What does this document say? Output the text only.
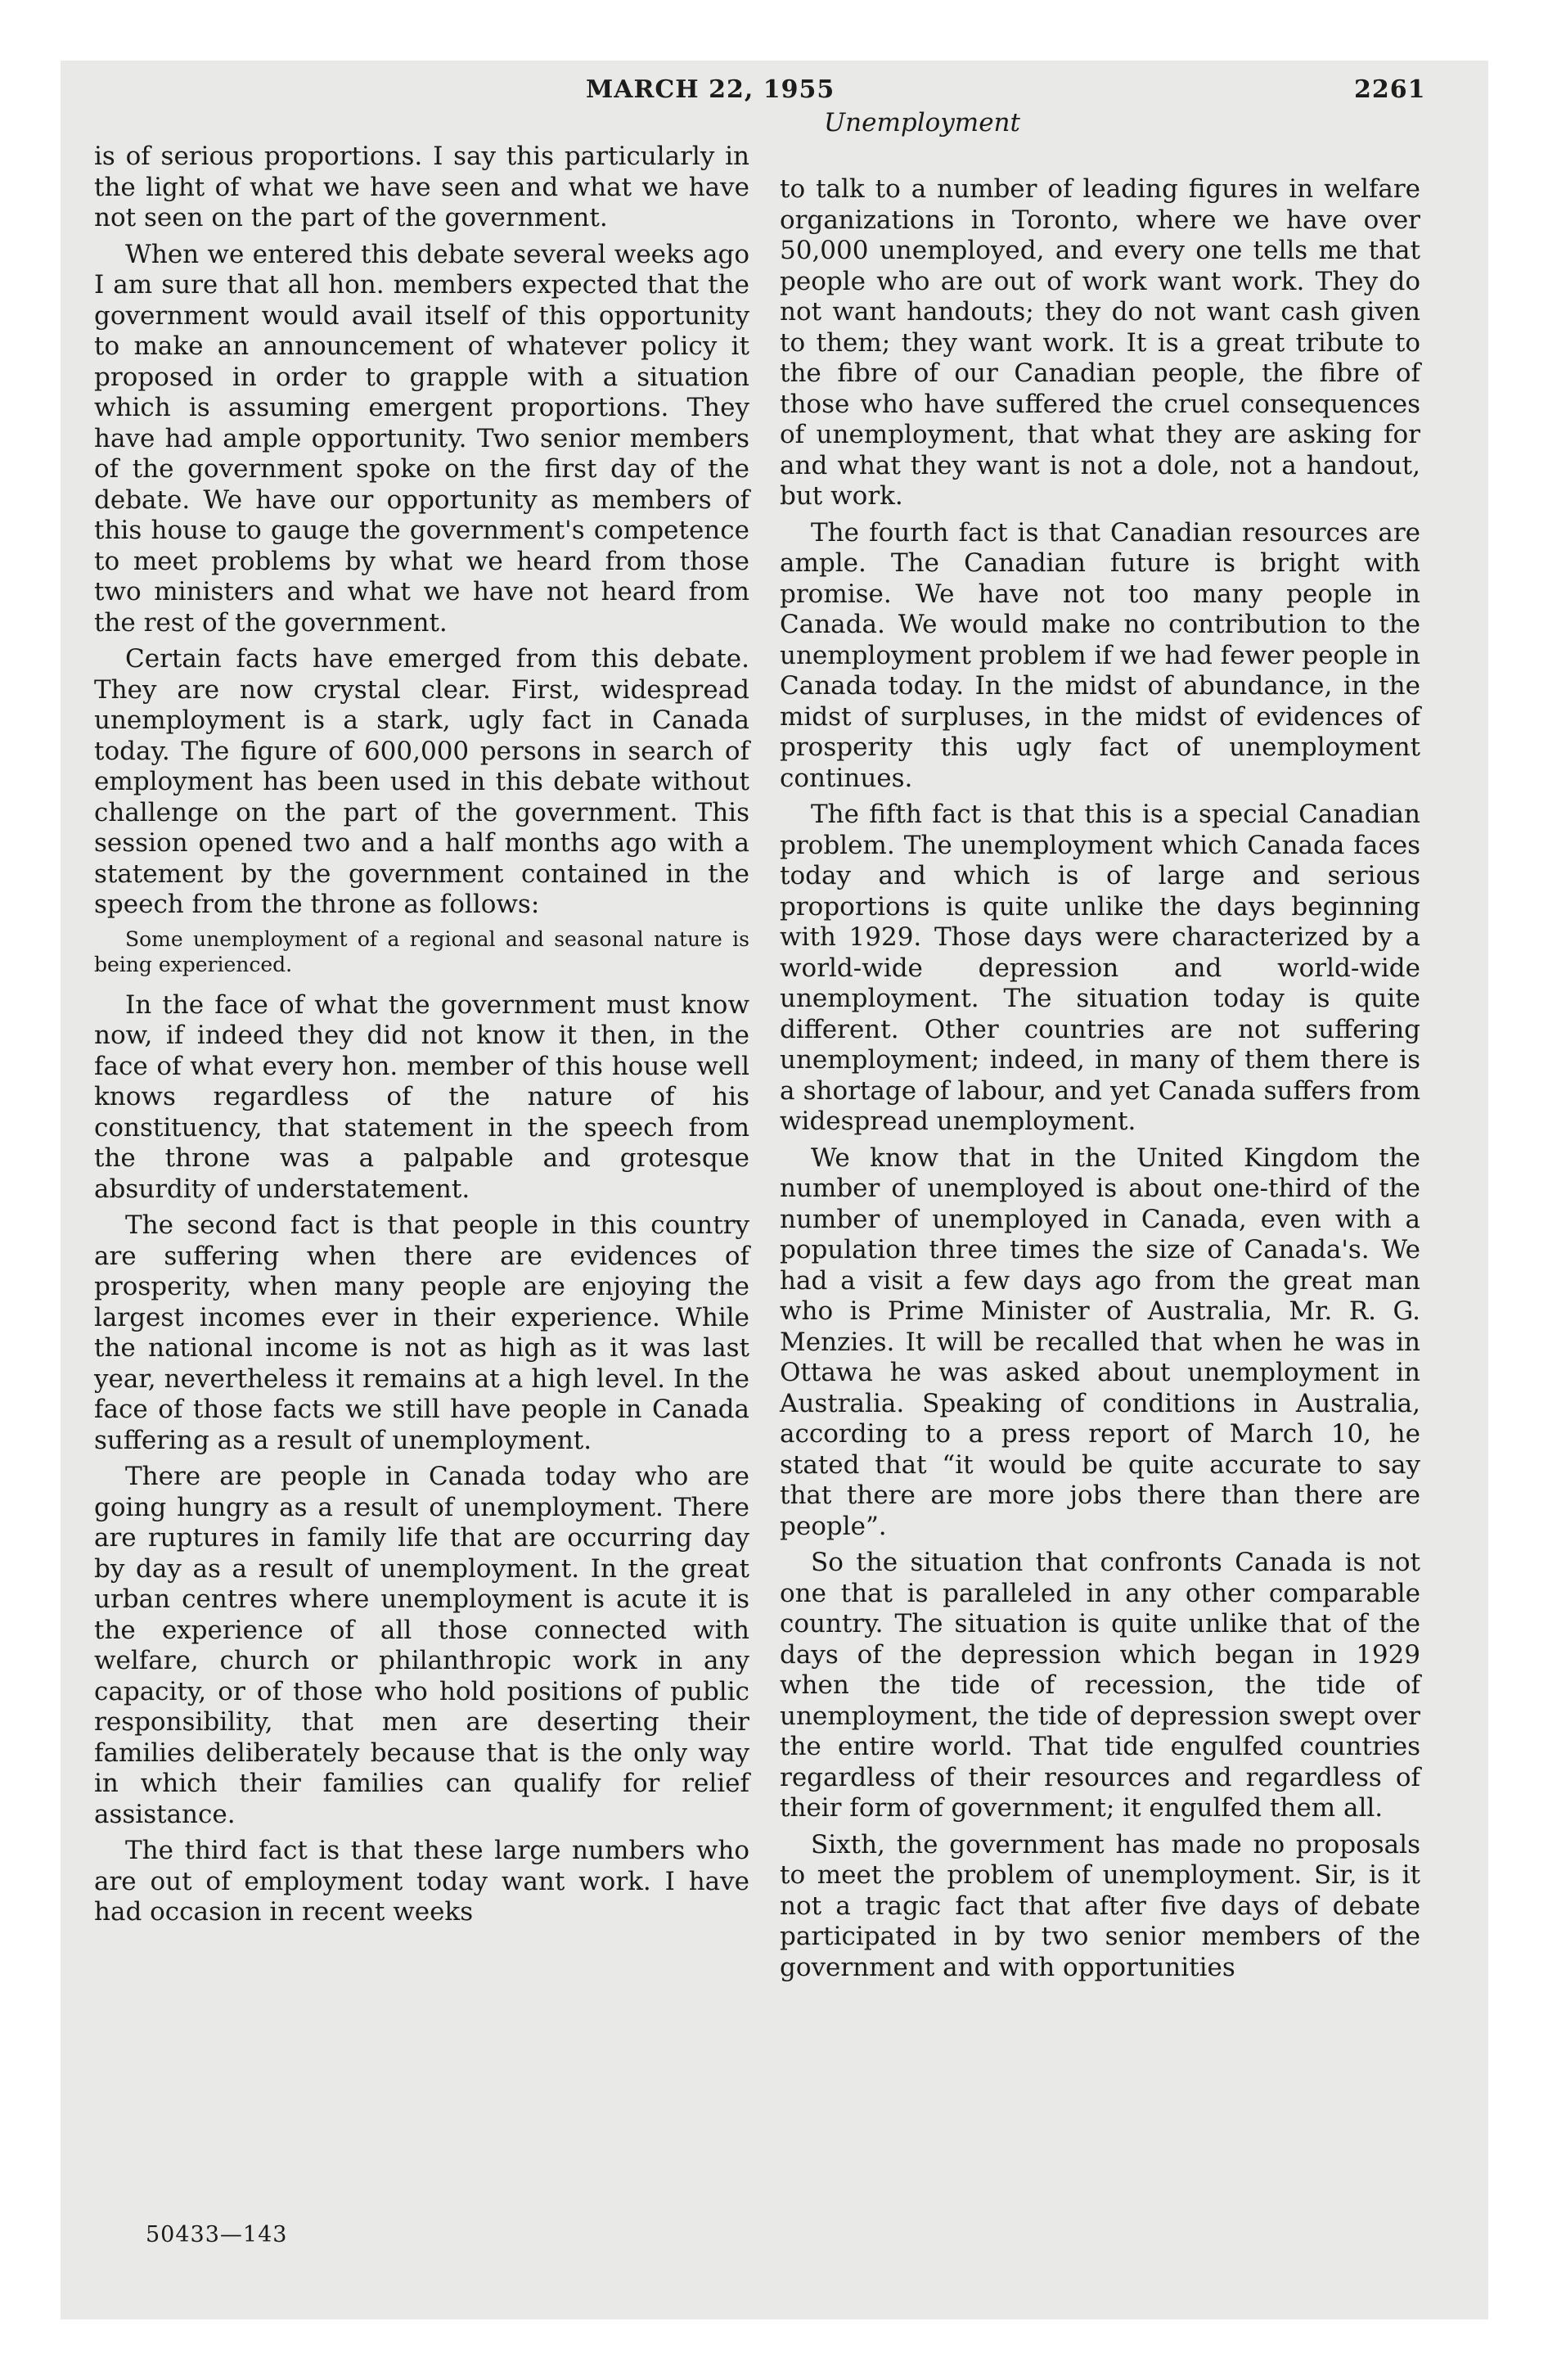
MARCH 22, 1955	2261
Unemployment

is of serious proportions. I say this particularly in the light of what we have seen and what we have not seen on the part of the government.

When we entered this debate several weeks ago I am sure that all hon. members expected that the government would avail itself of this opportunity to make an announcement of whatever policy it proposed in order to grapple with a situation which is assuming emergent proportions. They have had ample opportunity. Two senior members of the government spoke on the first day of the debate. We have our opportunity as members of this house to gauge the government's competence to meet problems by what we heard from those two ministers and what we have not heard from the rest of the government.

Certain facts have emerged from this debate. They are now crystal clear. First, widespread unemployment is a stark, ugly fact in Canada today. The figure of 600,000 persons in search of employment has been used in this debate without challenge on the part of the government. This session opened two and a half months ago with a statement by the government contained in the speech from the throne as follows:

Some unemployment of a regional and seasonal nature is being experienced.

In the face of what the government must know now, if indeed they did not know it then, in the face of what every hon. member of this house well knows regardless of the nature of his constituency, that statement in the speech from the throne was a palpable and grotesque absurdity of understatement.

The second fact is that people in this country are suffering when there are evidences of prosperity, when many people are enjoying the largest incomes ever in their experience. While the national income is not as high as it was last year, nevertheless it remains at a high level. In the face of those facts we still have people in Canada suffering as a result of unemployment.

There are people in Canada today who are going hungry as a result of unemployment. There are ruptures in family life that are occurring day by day as a result of unemployment. In the great urban centres where unemployment is acute it is the experience of all those connected with welfare, church or philanthropic work in any capacity, or of those who hold positions of public responsibility, that men are deserting their families deliberately because that is the only way in which their families can qualify for relief assistance.

The third fact is that these large numbers who are out of employment today want work. I have had occasion in recent weeks

to talk to a number of leading figures in welfare organizations in Toronto, where we have over 50,000 unemployed, and every one tells me that people who are out of work want work. They do not want handouts; they do not want cash given to them; they want work. It is a great tribute to the fibre of our Canadian people, the fibre of those who have suffered the cruel consequences of unemployment, that what they are asking for and what they want is not a dole, not a handout, but work.

The fourth fact is that Canadian resources are ample. The Canadian future is bright with promise. We have not too many people in Canada. We would make no contribution to the unemployment problem if we had fewer people in Canada today. In the midst of abundance, in the midst of surpluses, in the midst of evidences of prosperity this ugly fact of unemployment continues.

The fifth fact is that this is a special Canadian problem. The unemployment which Canada faces today and which is of large and serious proportions is quite unlike the days beginning with 1929. Those days were characterized by a world-wide depression and world-wide unemployment. The situation today is quite different. Other countries are not suffering unemployment; indeed, in many of them there is a shortage of labour, and yet Canada suffers from widespread unemployment.

We know that in the United Kingdom the number of unemployed is about one-third of the number of unemployed in Canada, even with a population three times the size of Canada's. We had a visit a few days ago from the great man who is Prime Minister of Australia, Mr. R. G. Menzies. It will be recalled that when he was in Ottawa he was asked about unemployment in Australia. Speaking of conditions in Australia, according to a press report of March 10, he stated that “it would be quite accurate to say that there are more jobs there than there are people”.

So the situation that confronts Canada is not one that is paralleled in any other comparable country. The situation is quite unlike that of the days of the depression which began in 1929 when the tide of recession, the tide of unemployment, the tide of depression swept over the entire world. That tide engulfed countries regardless of their resources and regardless of their form of government; it engulfed them all.

Sixth, the government has made no proposals to meet the problem of unemployment. Sir, is it not a tragic fact that after five days of debate participated in by two senior members of the government and with opportunities

50433—143
